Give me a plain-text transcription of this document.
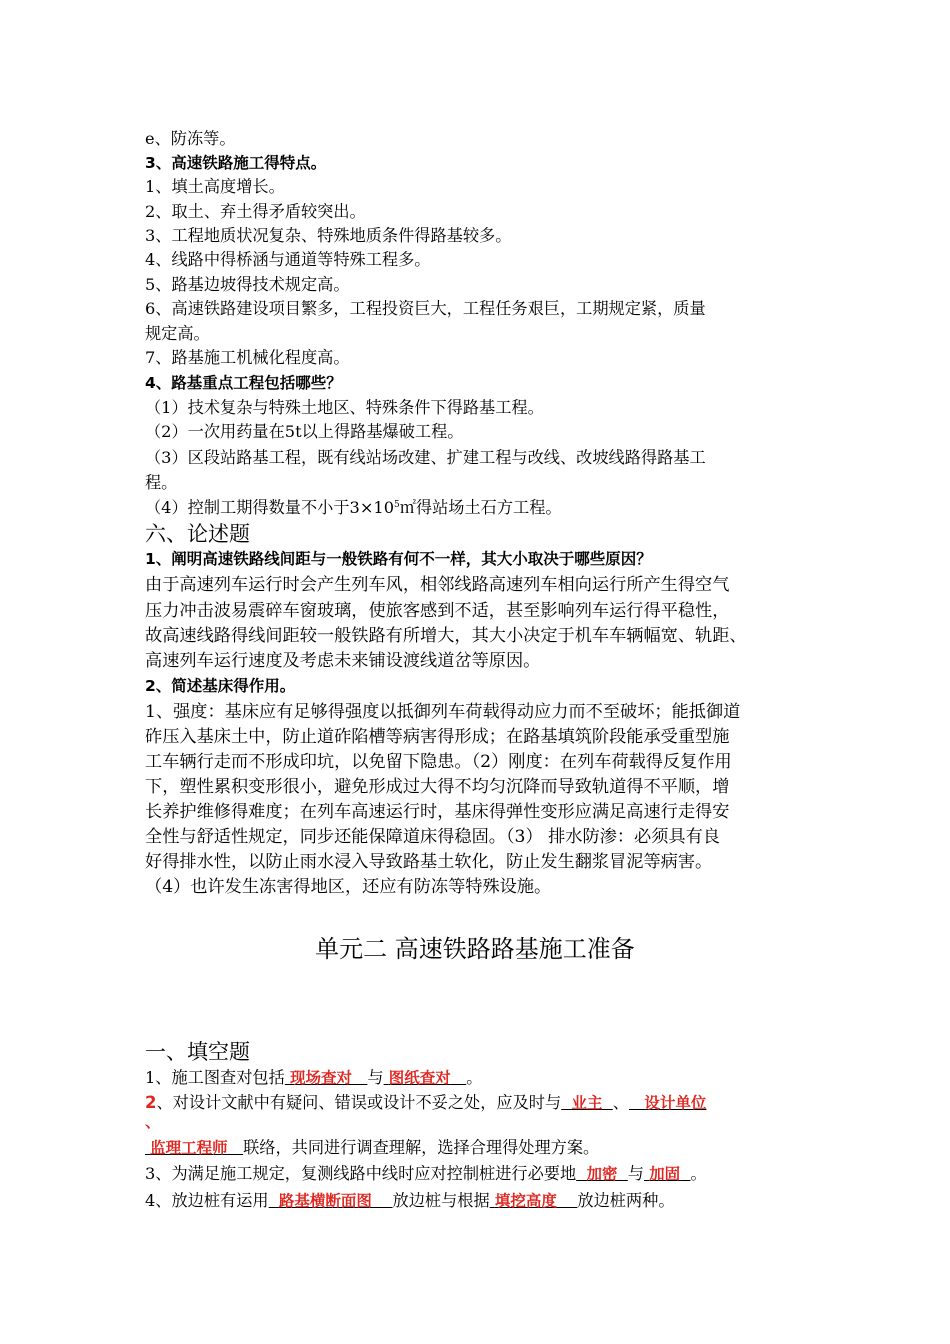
e、防冻等。
3、高速铁路施工得特点。
1、填土高度增长。
2、取土、弃土得矛盾较突出。
3、工程地质状况复杂、特殊地质条件得路基较多。
4、线路中得桥涵与通道等特殊工程多。
5、路基边坡得技术规定高。
6、高速铁路建设项目繁多，工程投资巨大，工程任务艰巨，工期规定紧，质量
规定高。
7、路基施工机械化程度高。
4、路基重点工程包括哪些？
（1）技术复杂与特殊土地区、特殊条件下得路基工程。
（2）一次用药量在5t以上得路基爆破工程。
（3）区段站路基工程，既有线站场改建、扩建工程与改线、改坡线路得路基工
程。
（4）控制工期得数量不小于$3\times 10^5㎡$得站场土石方工程。
六、论述题
1、阐明高速铁路线间距与一般铁路有何不一样，其大小取决于哪些原因？
由于高速列车运行时会产生列车风，相邻线路高速列车相向运行所产生得空气
压力冲击波易震碎车窗玻璃，使旅客感到不适，甚至影响列车运行得平稳性，
故高速线路得线间距较一般铁路有所增大，其大小决定于机车车辆幅宽、轨距、
高速列车运行速度及考虑未来铺设渡线道岔等原因。
2、简述基床得作用。
1、强度：基床应有足够得强度以抵御列车荷载得动应力而不至破坏；能抵御道
砟压入基床土中，防止道砟陷槽等病害得形成；在路基填筑阶段能承受重型施
工车辆行走而不形成印坑，以免留下隐患。（2）刚度：在列车荷载得反复作用
下，塑性累积变形很小，避免形成过大得不均匀沉降而导致轨道得不平顺，增
长养护维修得难度；在列车高速运行时，基床得弹性变形应满足高速行走得安
全性与舒适性规定，同步还能保障道床得稳固。（3） 排水防渗：必须具有良
好得排水性，以防止雨水浸入导致路基土软化，防止发生翻浆冒泥等病害。
（4）也许发生冻害得地区，还应有防冻等特殊设施。
单元二 高速铁路路基施工准备
一、填空题
1、施工图查对包括 现场查对 与 图纸查对 。
2、对设计文献中有疑问、错误或设计不妥之处，应及时与 业主 、 设计单位
、
监理工程师 联络，共同进行调查理解，选择合理得处理方案。
3、为满足施工规定，复测线路中线时应对控制桩进行必要地 加密 与 加固 。
4、放边桩有运用 路基横断面图 放边桩与根据 填挖高度 放边桩两种。
